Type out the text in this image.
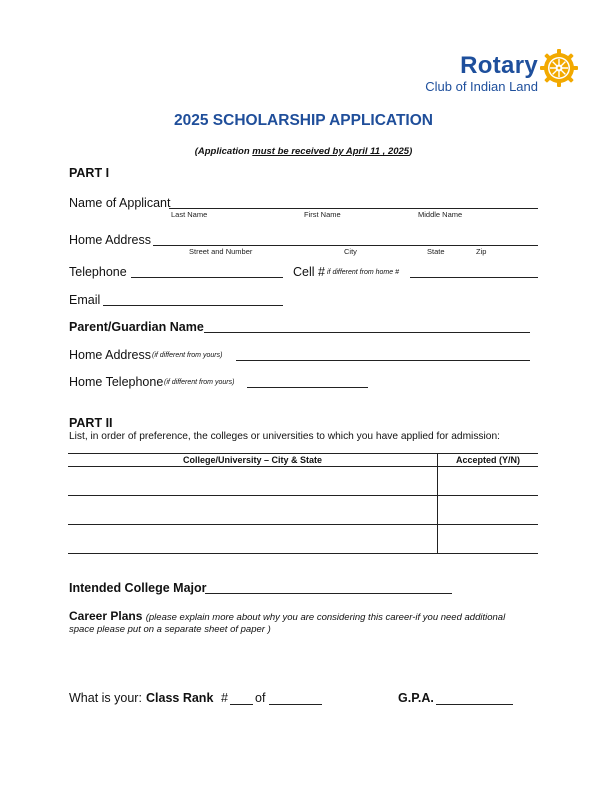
Rotary
Club of Indian Land
2025 SCHOLARSHIP APPLICATION
(Application must be received by April 11 , 2025)
PART I
Name of Applicant
Last Name	First Name	Middle Name
Home Address
Street and Number	City	State	Zip
Telephone	Cell # if different from home #
Email
Parent/Guardian Name
Home Address (if different from yours)
Home Telephone (if different from yours)
PART II
List, in order of preference, the colleges or universities to which you have applied for admission:
College/University – City & State	Accepted (Y/N)

Intended College Major
Career Plans (please explain more about why you are considering this career-if you need additional
space please put on a separate sheet of paper )
What is your: Class Rank # of	G.P.A.
